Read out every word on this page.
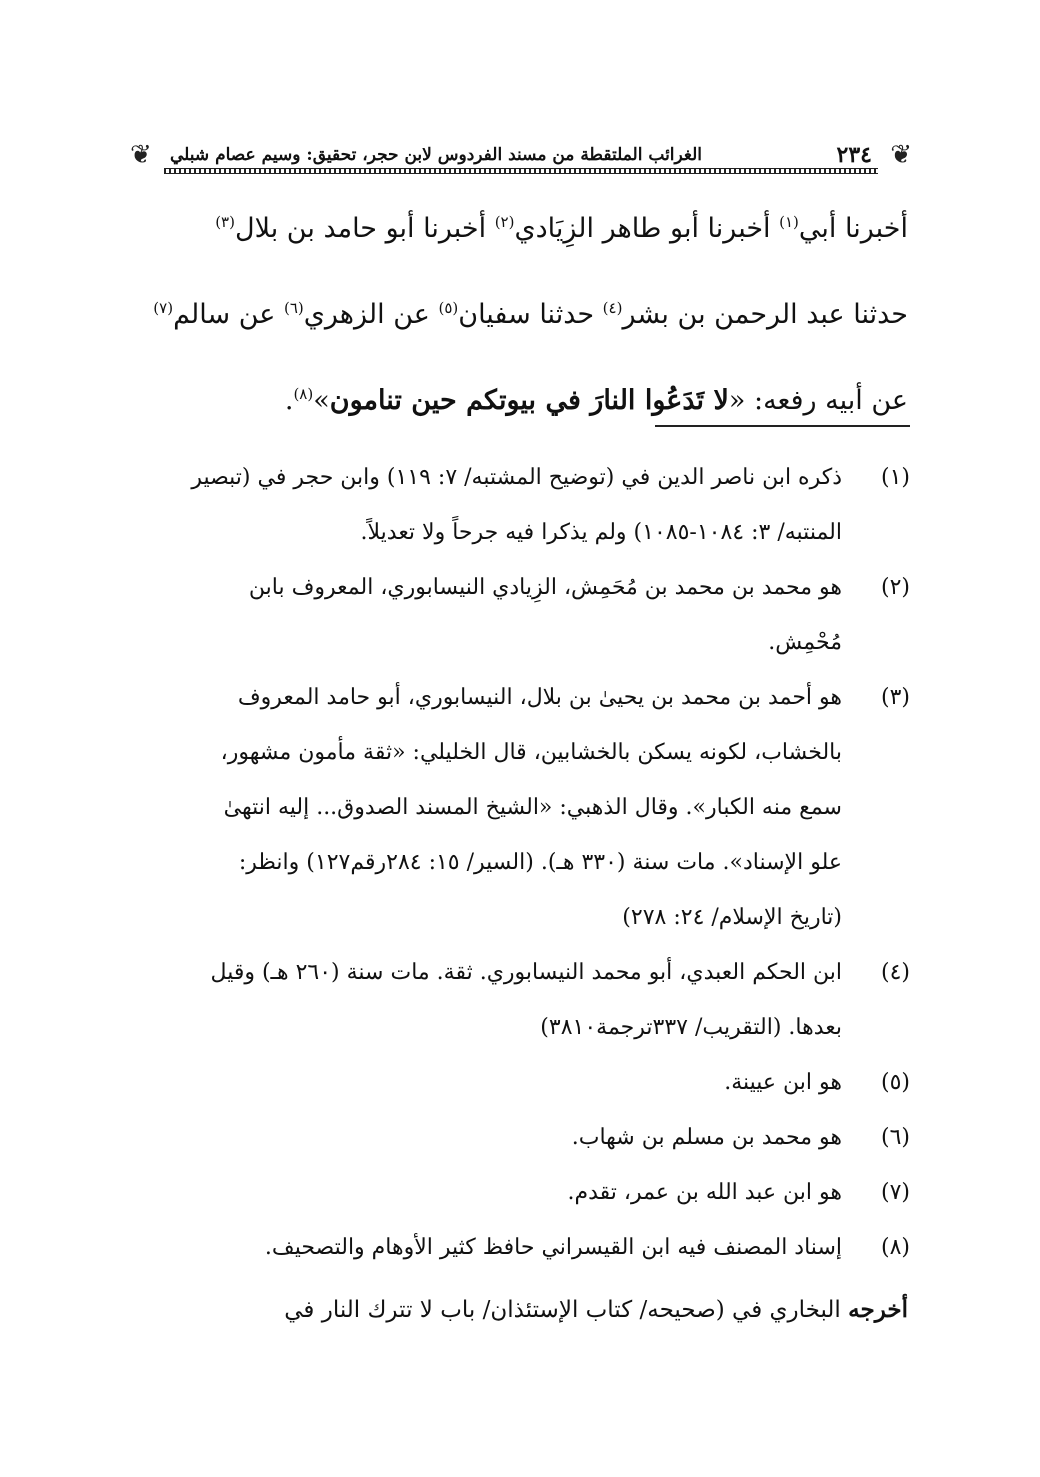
❦
٢٣٤
الغرائب الملتقطة من مسند الفردوس لابن حجر، تحقيق: وسيم عصام شبلي
❦

أخبرنا أبي$^{(١)}$ أخبرنا أبو طاهر الزِيَادي$^{(٢)}$ أخبرنا أبو حامد بن بلال$^{(٣)}$
حدثنا عبد الرحمن بن بشر$^{(٤)}$ حدثنا سفيان$^{(٥)}$ عن الزهري$^{(٦)}$ عن سالم$^{(٧)}$
عن أبيه رفعه: «لا تَدَعُوا النارَ في بيوتكم حين تنامون»$^{(٨)}$.

(١)
ذكره ابن ناصر الدين في (توضيح المشتبه/ ٧: ١١٩) وابن حجر في (تبصير
المنتبه/ ٣: ١٠٨٤-١٠٨٥) ولم يذكرا فيه جرحاً ولا تعديلاً.
(٢)
هو محمد بن محمد بن مُحَمِش، الزِيادي النيسابوري، المعروف بابن
مُحْمِش.
(٣)
هو أحمد بن محمد بن يحيىٰ بن بلال، النيسابوري، أبو حامد المعروف
بالخشاب، لكونه يسكن بالخشابين، قال الخليلي: «ثقة مأمون مشهور،
سمع منه الكبار». وقال الذهبي: «الشيخ المسند الصدوق... إليه انتهىٰ
علو الإسناد». مات سنة (٣٣٠ هـ). (السير/ ١٥: ٢٨٤رقم١٢٧) وانظر:
(تاريخ الإسلام/ ٢٤: ٢٧٨)
(٤)
ابن الحكم العبدي، أبو محمد النيسابوري. ثقة. مات سنة (٢٦٠ هـ) وقيل
بعدها. (التقريب/ ٣٣٧ترجمة٣٨١٠)
(٥)
هو ابن عيينة.
(٦)
هو محمد بن مسلم بن شهاب.
(٧)
هو ابن عبد الله بن عمر، تقدم.
(٨)
إسناد المصنف فيه ابن القيسراني حافظ كثير الأوهام والتصحيف.
أخرجه البخاري في (صحيحه/ كتاب الإستئذان/ باب لا تترك النار في
